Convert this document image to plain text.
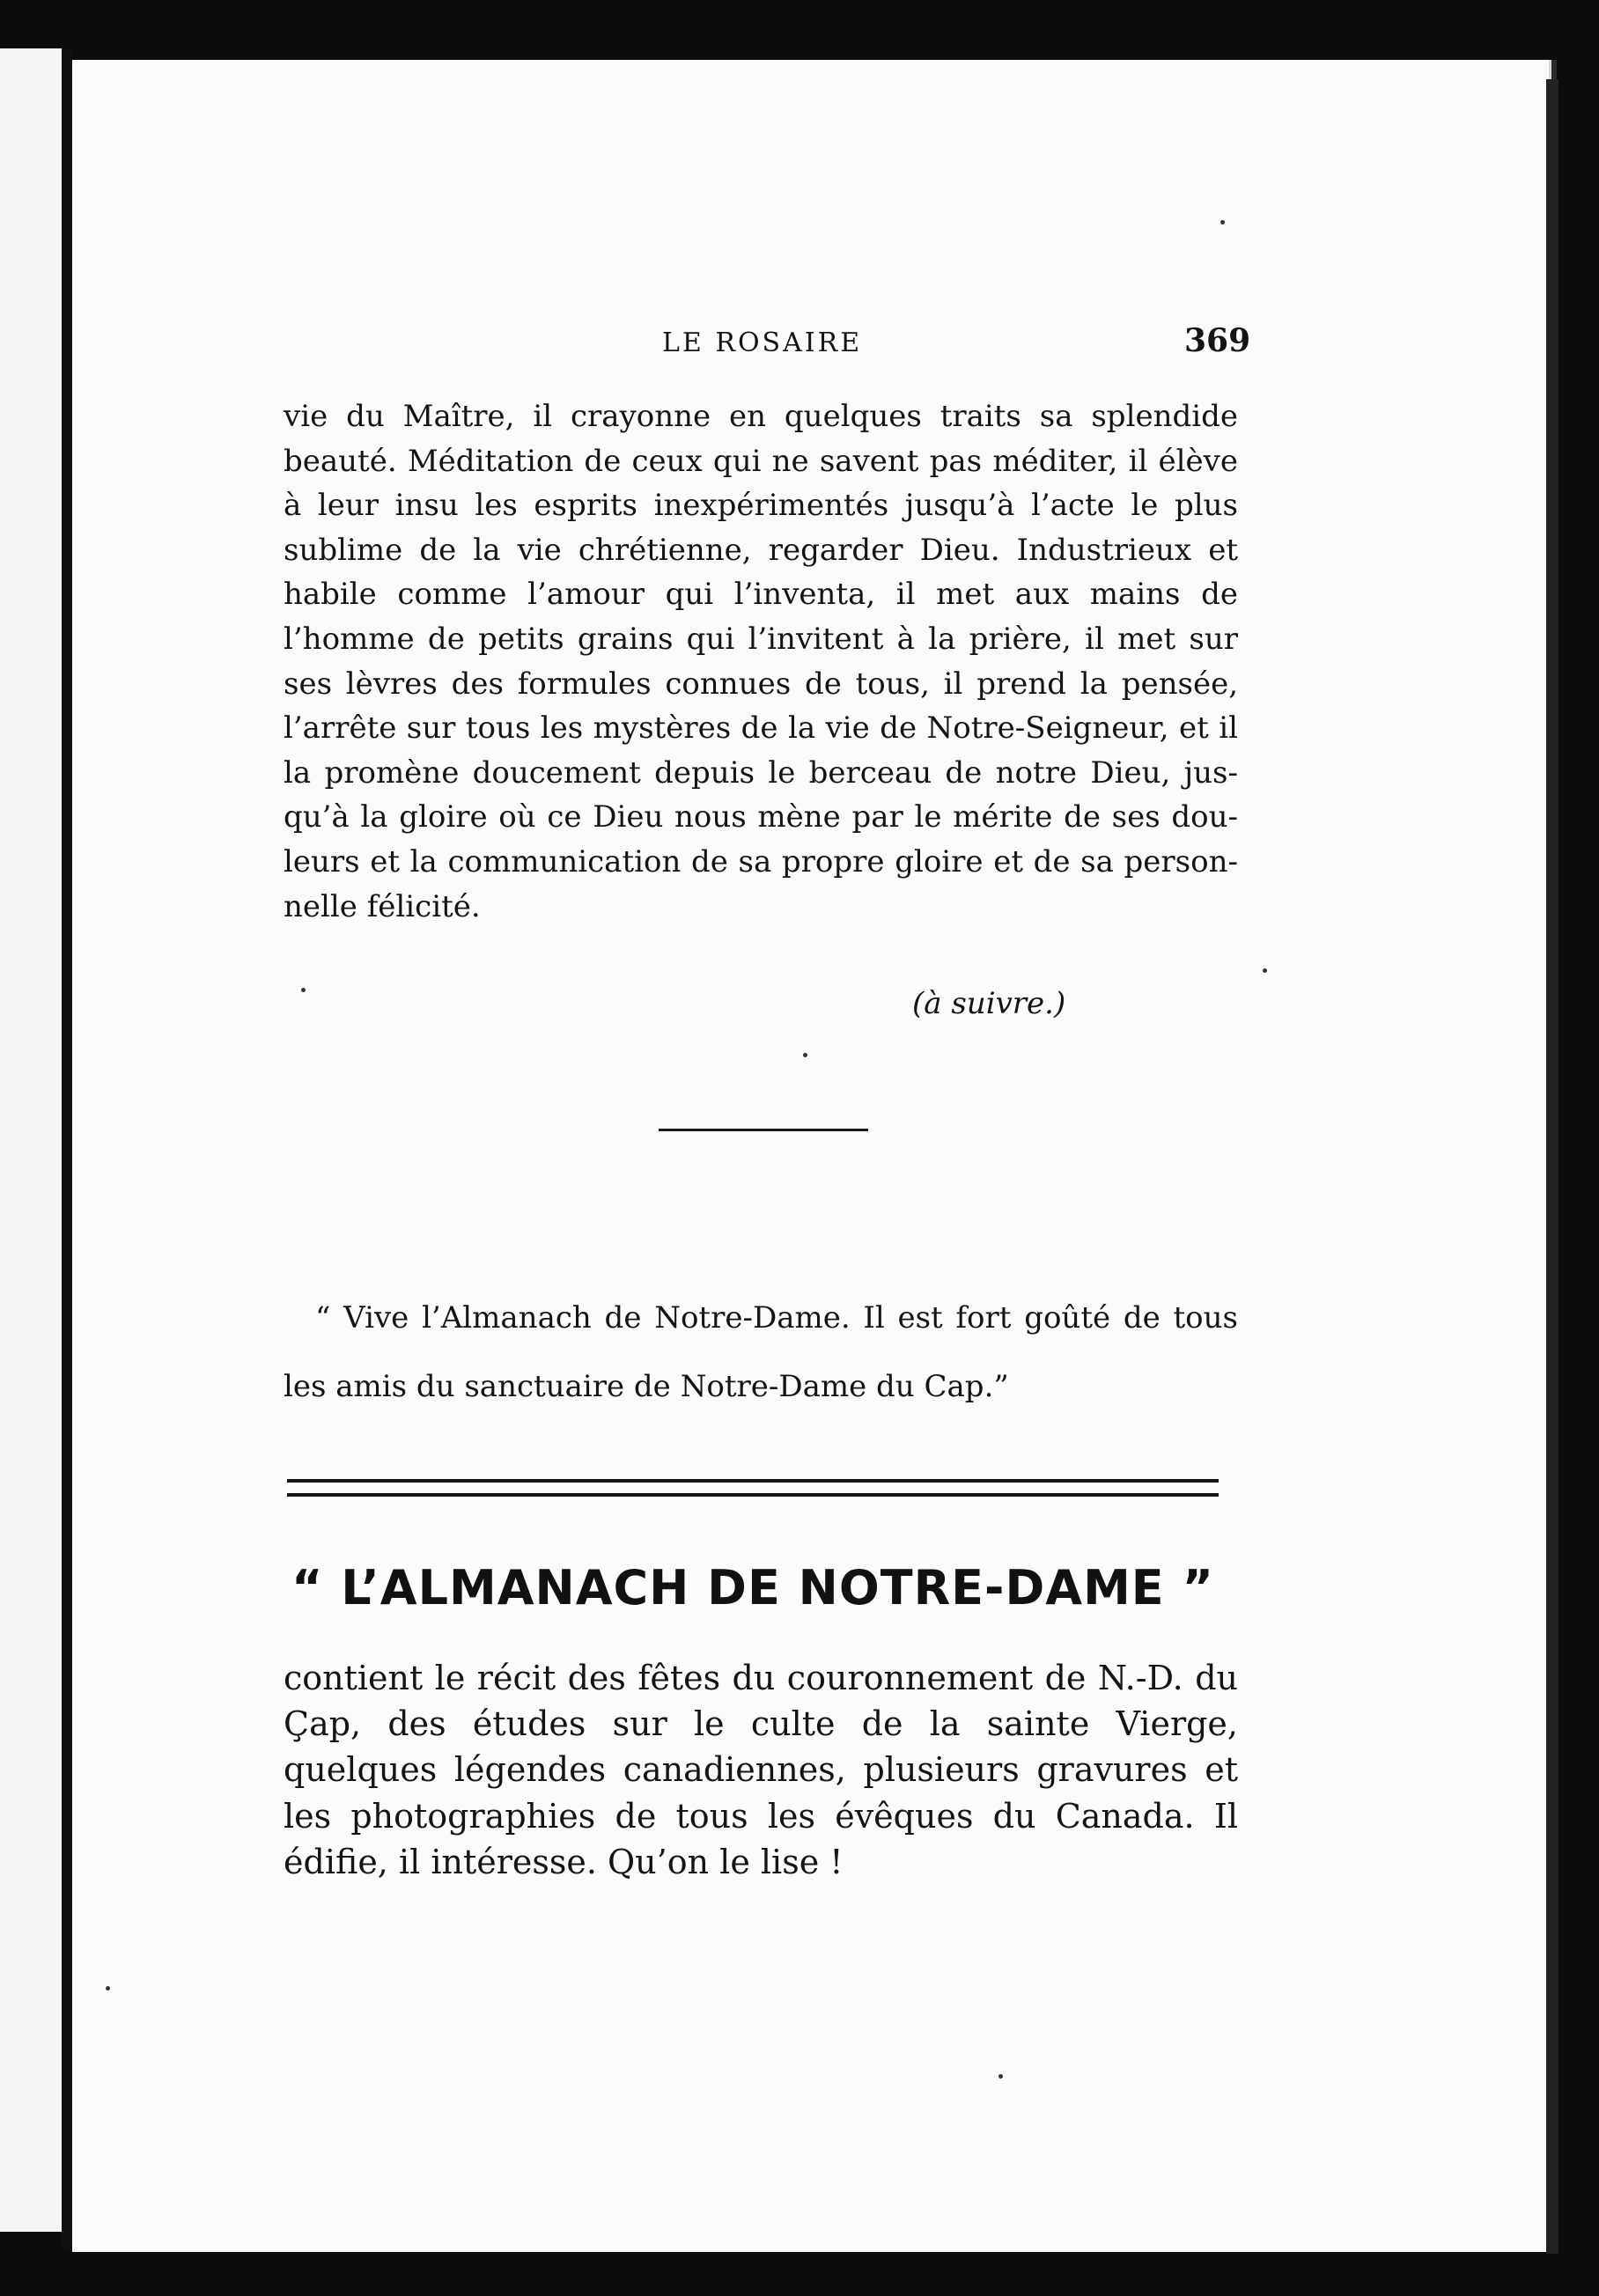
LE ROSAIRE	369
vie du Maître, il crayonne en quelques traits sa splendide beauté. Méditation de ceux qui ne savent pas méditer, il élève à leur insu les esprits inexpérimentés jusqu’à l’acte le plus sublime de la vie chrétienne, regarder Dieu. Industrieux et habile comme l’amour qui l’inventa, il met aux mains de l’homme de petits grains qui l’invitent à la prière, il met sur ses lèvres des formules connues de tous, il prend la pensée, l’arrête sur tous les mystères de la vie de Notre-Seigneur, et il la promène doucement depuis le berceau de notre Dieu, jusqu’à la gloire où ce Dieu nous mène par le mérite de ses douleurs et la communication de sa propre gloire et de sa personnelle félicité.
(à suivre.)
“ Vive l’Almanach de Notre-Dame. Il est fort goûté de tous les amis du sanctuaire de Notre-Dame du Cap.”
“ L’ALMANACH DE NOTRE-DAME ”
contient le récit des fêtes du couronnement de N.-D. du Çap, des études sur le culte de la sainte Vierge, quelques légendes canadiennes, plusieurs gravures et les photographies de tous les évêques du Canada. Il édifie, il intéresse. Qu’on le lise !
